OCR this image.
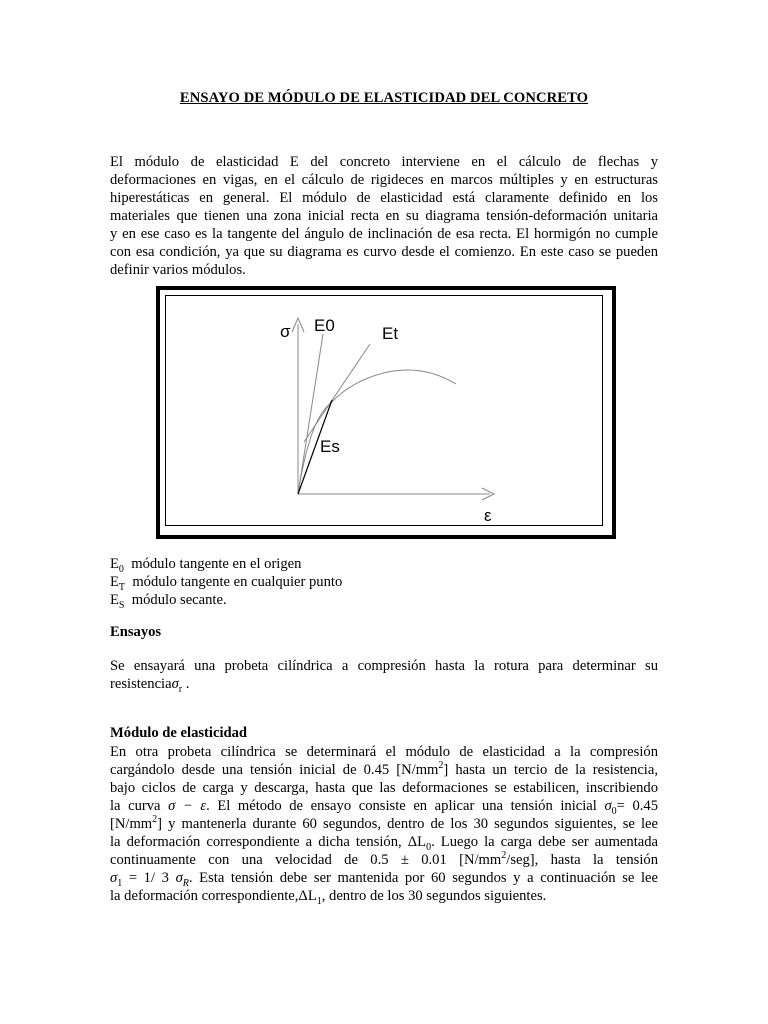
ENSAYO DE MÓDULO DE ELASTICIDAD DEL CONCRETO
El módulo de elasticidad E del concreto interviene en el cálculo de flechas y
deformaciones en vigas, en el cálculo de rigideces en marcos múltiples y en estructuras
hiperestáticas en general. El módulo de elasticidad está claramente definido en los
materiales que tienen una zona inicial recta en su diagrama tensión-deformación unitaria
y en ese caso es la tangente del ángulo de inclinación de esa recta. El hormigón no cumple
con esa condición, ya que su diagrama es curvo desde el comienzo. En este caso se pueden
definir varios módulos.
σ E0	Et
Es
ε
$E_0$ módulo tangente en el origen
$E_T$ módulo tangente en cualquier punto
$E_S$ módulo secante.
Ensayos
Se ensayará una probeta cilíndrica a compresión hasta la rotura para determinar su
resistenciaσ$_r$ .
Módulo de elasticidad
En otra probeta cilíndrica se determinará el módulo de elasticidad a la compresión
cargándolo desde una tensión inicial de 0.45 $[N/mm^2]$ hasta un tercio de la resistencia,
bajo ciclos de carga y descarga, hasta que las deformaciones se estabilicen, inscribiendo
la curva σ − ε. El método de ensayo consiste en aplicar una tensión inicial $\sigma_0= 0.45$
$[N/mm^2]$ y mantenerla durante 60 segundos, dentro de los 30 segundos siguientes, se lee
la deformación correspondiente a dicha tensión, $\Delta L_0$. Luego la carga debe ser aumentada
continuamente con una velocidad de 0.5 ± 0.01 $[N/mm^2/seg]$, hasta la tensión
$\sigma_1 = 1/$ 3 $\sigma_R$. Esta tensión debe ser mantenida por 60 segundos y a continuación se lee
la deformación $correspondiente,\Delta L_1$, dentro de los 30 segundos siguientes.
